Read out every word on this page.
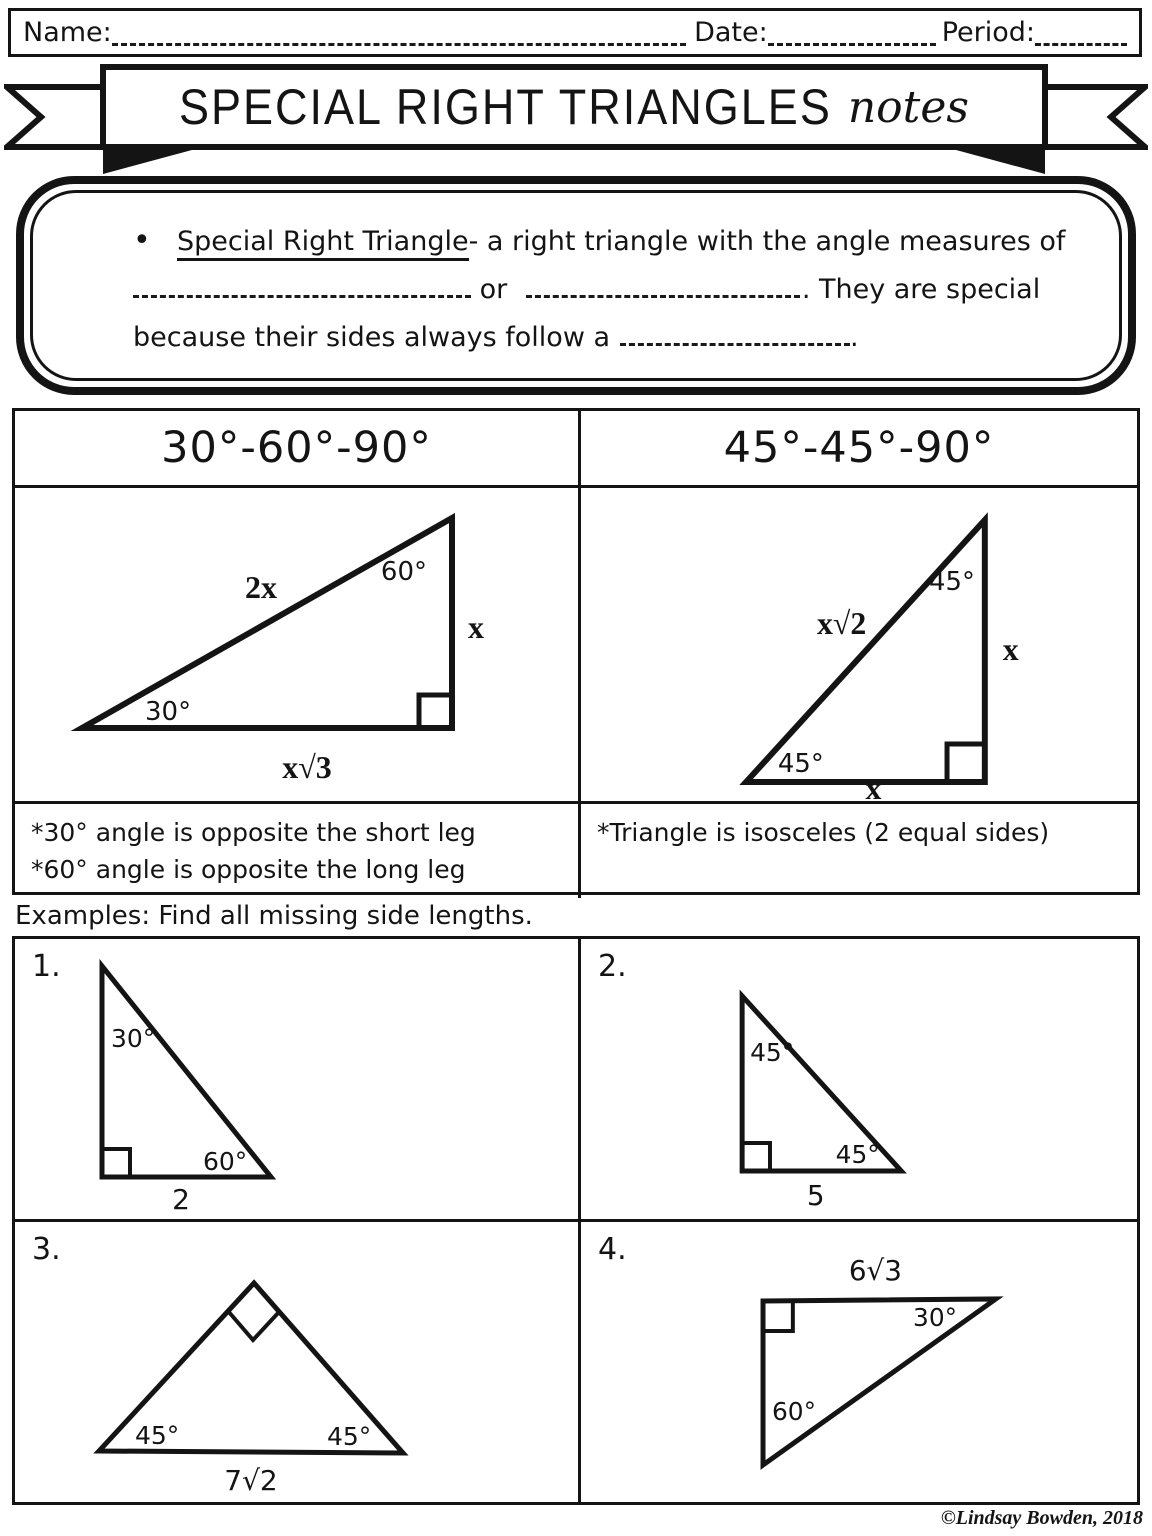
Name:	Date:	Period:
SPECIAL RIGHT TRIANGLES notes
• Special Right Triangle- a right triangle with the angle measures of
or	. They are special
because their sides always follow a	.
30°-60°-90°	45°-45°-90°
60°
2x
x
30°
x√3
45°
x√2
x
45°
x
*30° angle is opposite the short leg
*60° angle is opposite the long leg
*Triangle is isosceles (2 equal sides)
Examples: Find all missing side lengths.
1.
30°
60°
2
2.
45°
45°
5
3.
45°	45°
7√2
4.
6√3
30°
60°
©Lindsay Bowden, 2018
